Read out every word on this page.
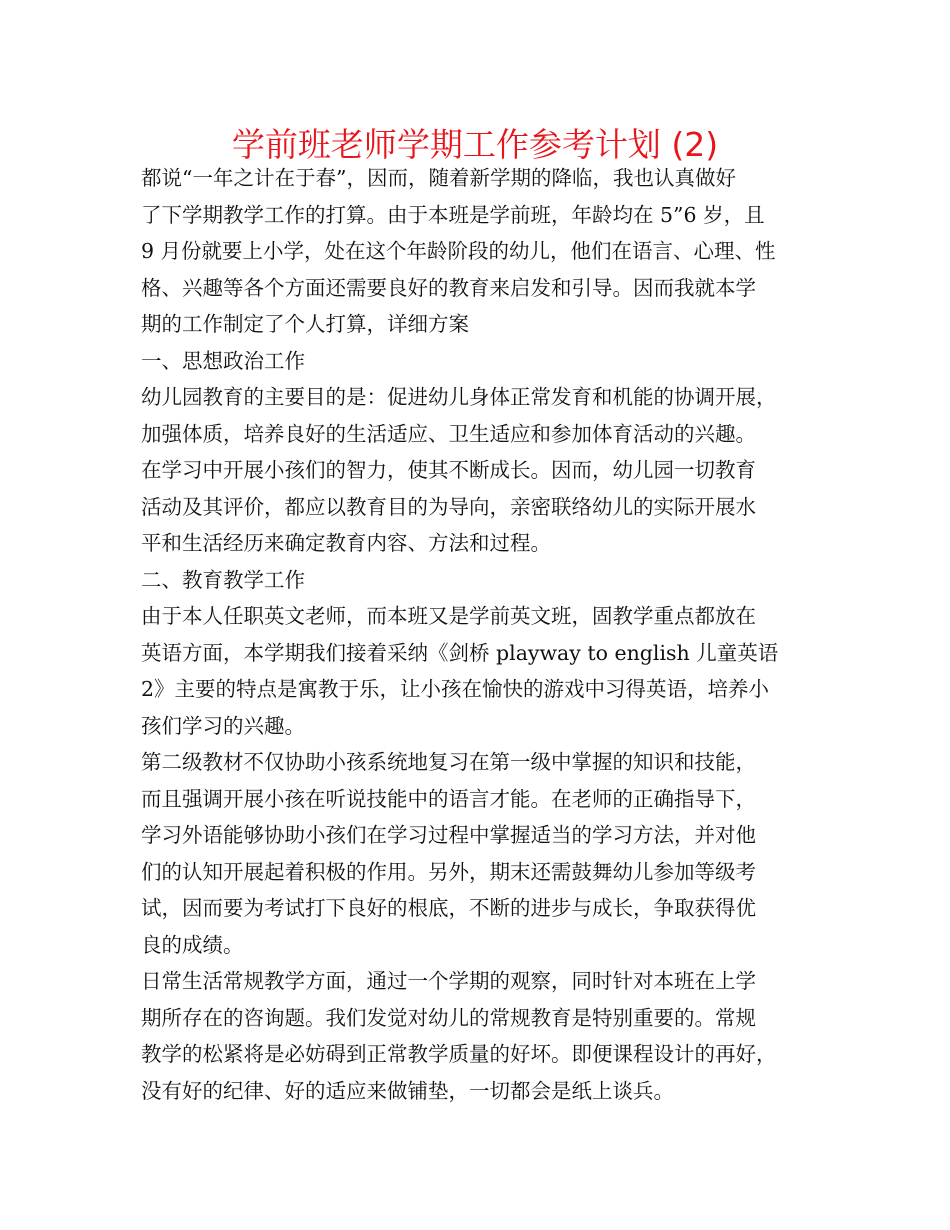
学前班老师学期工作参考计划 (2)
都说“一年之计在于春”，因而，随着新学期的降临，我也认真做好
了下学期教学工作的打算。由于本班是学前班，年龄均在 5”6 岁，且
9 月份就要上小学，处在这个年龄阶段的幼儿，他们在语言、心理、性
格、兴趣等各个方面还需要良好的教育来启发和引导。因而我就本学
期的工作制定了个人打算，详细方案
一、思想政治工作
幼儿园教育的主要目的是：促进幼儿身体正常发育和机能的协调开展，
加强体质，培养良好的生活适应、卫生适应和参加体育活动的兴趣。
在学习中开展小孩们的智力，使其不断成长。因而，幼儿园一切教育
活动及其评价，都应以教育目的为导向，亲密联络幼儿的实际开展水
平和生活经历来确定教育内容、方法和过程。
二、教育教学工作
由于本人任职英文老师，而本班又是学前英文班，固教学重点都放在
英语方面，本学期我们接着采纳《剑桥 playway to english 儿童英语
2》主要的特点是寓教于乐，让小孩在愉快的游戏中习得英语，培养小
孩们学习的兴趣。
第二级教材不仅协助小孩系统地复习在第一级中掌握的知识和技能，
而且强调开展小孩在听说技能中的语言才能。在老师的正确指导下，
学习外语能够协助小孩们在学习过程中掌握适当的学习方法，并对他
们的认知开展起着积极的作用。另外，期末还需鼓舞幼儿参加等级考
试，因而要为考试打下良好的根底，不断的进步与成长，争取获得优
良的成绩。
日常生活常规教学方面，通过一个学期的观察，同时针对本班在上学
期所存在的咨询题。我们发觉对幼儿的常规教育是特别重要的。常规
教学的松紧将是必妨碍到正常教学质量的好坏。即便课程设计的再好，
没有好的纪律、好的适应来做铺垫，一切都会是纸上谈兵。
